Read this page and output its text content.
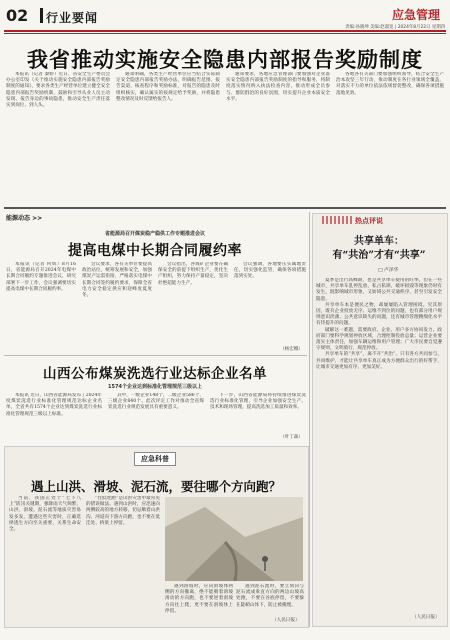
02 行业要闻	应急管理
责编:孙晓坤 美编:赵淑宽 | 2024年8月22日 星期四
我省推动实施安全隐患内部报告奖励制度

本报讯（记者 秦娇）近日，省安全生产委员会办公室印发《关于推动实施安全隐患内部报告奖励制度的通知》，要求各类生产经营单位建立健全安全隐患内部报告奖励机制，鼓励和引导从业人员主动发现、报告身边的事故隐患，推动安全生产责任落实到岗位、到人头。

通知明确，各类生产经营单位应当结合实际制定安全隐患内部报告奖励办法，明确报告范围、报告渠道、核查程序和奖励标准，对报告的隐患及时组织核实，确认属实的按规定给予奖励，并将隐患整改情况及时反馈给报告人。

通知要求，各地应急管理部门要加强对企业落实安全隐患内部报告奖励制度的指导和服务，将制度落实情况纳入执法检查内容，推动形成全员参与、群防群治的良好氛围，切实提升企业本质安全水平。

各地各有关部门要加强组织领导，结合安全生产治本攻坚三年行动，推动制度在各行业领域全覆盖，对落实不力的单位依法依规督促整改，确保各项措施落地见效。

能源动态 >>
省能源局召开煤炭稳产稳供工作专题推进会议
提高电煤中长期合同履约率

本报讯（记者 何辉）8月16日，省能源局召开2024年电煤中长期合同履约专题推进会议，研究部署下一步工作，会议强调要切实提高电煤中长期合同履约率。

会议要求，各有关单位要提高政治站位，统筹发展和安全，加强煤炭产运需衔接，严格落实电煤中长期合同签约履约要求，保障全省电力安全稳定供应和迎峰度夏度冬。

会议指出，各煤矿企业要在确保安全的前提下组织生产，优化生产组织，努力保持产量稳定，坚决杜绝超能力生产。

会议强调，各地要压实属地责任，切实强化监管，确保各项措施落到实处。

（杨宏娜）
山西公布煤炭洗选行业达标企业名单
1574个企业达到标准化管理规范三级以上

本报讯 近日，山西省能源局发布了2024年度煤炭洗选行业标准化管理规范达标企业名单，全省共有1574个企业达到煤炭洗选行业标准化管理规范三级以上标准。

其中，一级企业148个，二级企业586个，三级企业840个。此次评定工作对推动全省煤炭洗选行业规范发展具有重要意义。

下一步，山西省能源局将持续推进煤炭洗选行业标准化管理，引导企业加强安全生产、技术和现场管理，提高洗选加工质量和效率。

（叶丁森）
应急科普
遇上山洪、滑坡、泥石流，要往哪个方向跑？

当前，我国正处于“七下八上”防汛关键期，强降雨天气频繁，山洪、滑坡、泥石流等地质灾害易发多发。遭遇这些灾害时，正确选择逃生方向至关重要，关系生命安全。

“往低处跑”是山洪灾害中最常见的错误做法。遇到山洪时，应迅速向两侧较高的地方转移，切忌顺着山洪沟、河道向下游方向跑，也不要在低洼处、桥梁上停留。

遇到滑坡时，应向滑坡体两侧的方向撤离，绝不能朝着滑坡滑动的方向跑，也不要逆着滑坡方向往上爬，更不要在滑坡体上停留。

遇到泥石流时，要立刻向与泥石流成垂直方向的两边山坡高处跑，不要在谷底停留，不要躲在陡峭山体下，防止被掩埋。

（人民日报）
热点评说
共享单车：
有“共治”才有“共享”
□ 卢泽华

夏季是出行高峰期，也是共享单车使用的旺季。但在一些城市，共享单车乱停乱放、私占私锁、破坏损毁等现象仍时有发生，既影响城市形象，又妨碍公共交通秩序，甚至引发安全隐患。

共享单车本是便民之物，却屡屡陷入管理困境。究其原因，既有企业投放无序、运维不到位的问题，也有部分用户规则意识淡薄、公共意识缺失的问题，还有城市管理精细化水平有待提升的问题。

破解这一难题，需要政府、企业、用户多方协同发力。政府部门要科学规划停放区域，合理控制投放总量；运营企业要落实主体责任，加强车辆运维和用户管理；广大市民要自觉遵守规则，文明骑行、规范停放。

共享单车的“共享”，离不开“共治”。只有各方共同参与、共同维护，才能让共享单车真正成为方便群众出行的好帮手，让城市交通更加有序、更加美好。

（人民日报）
